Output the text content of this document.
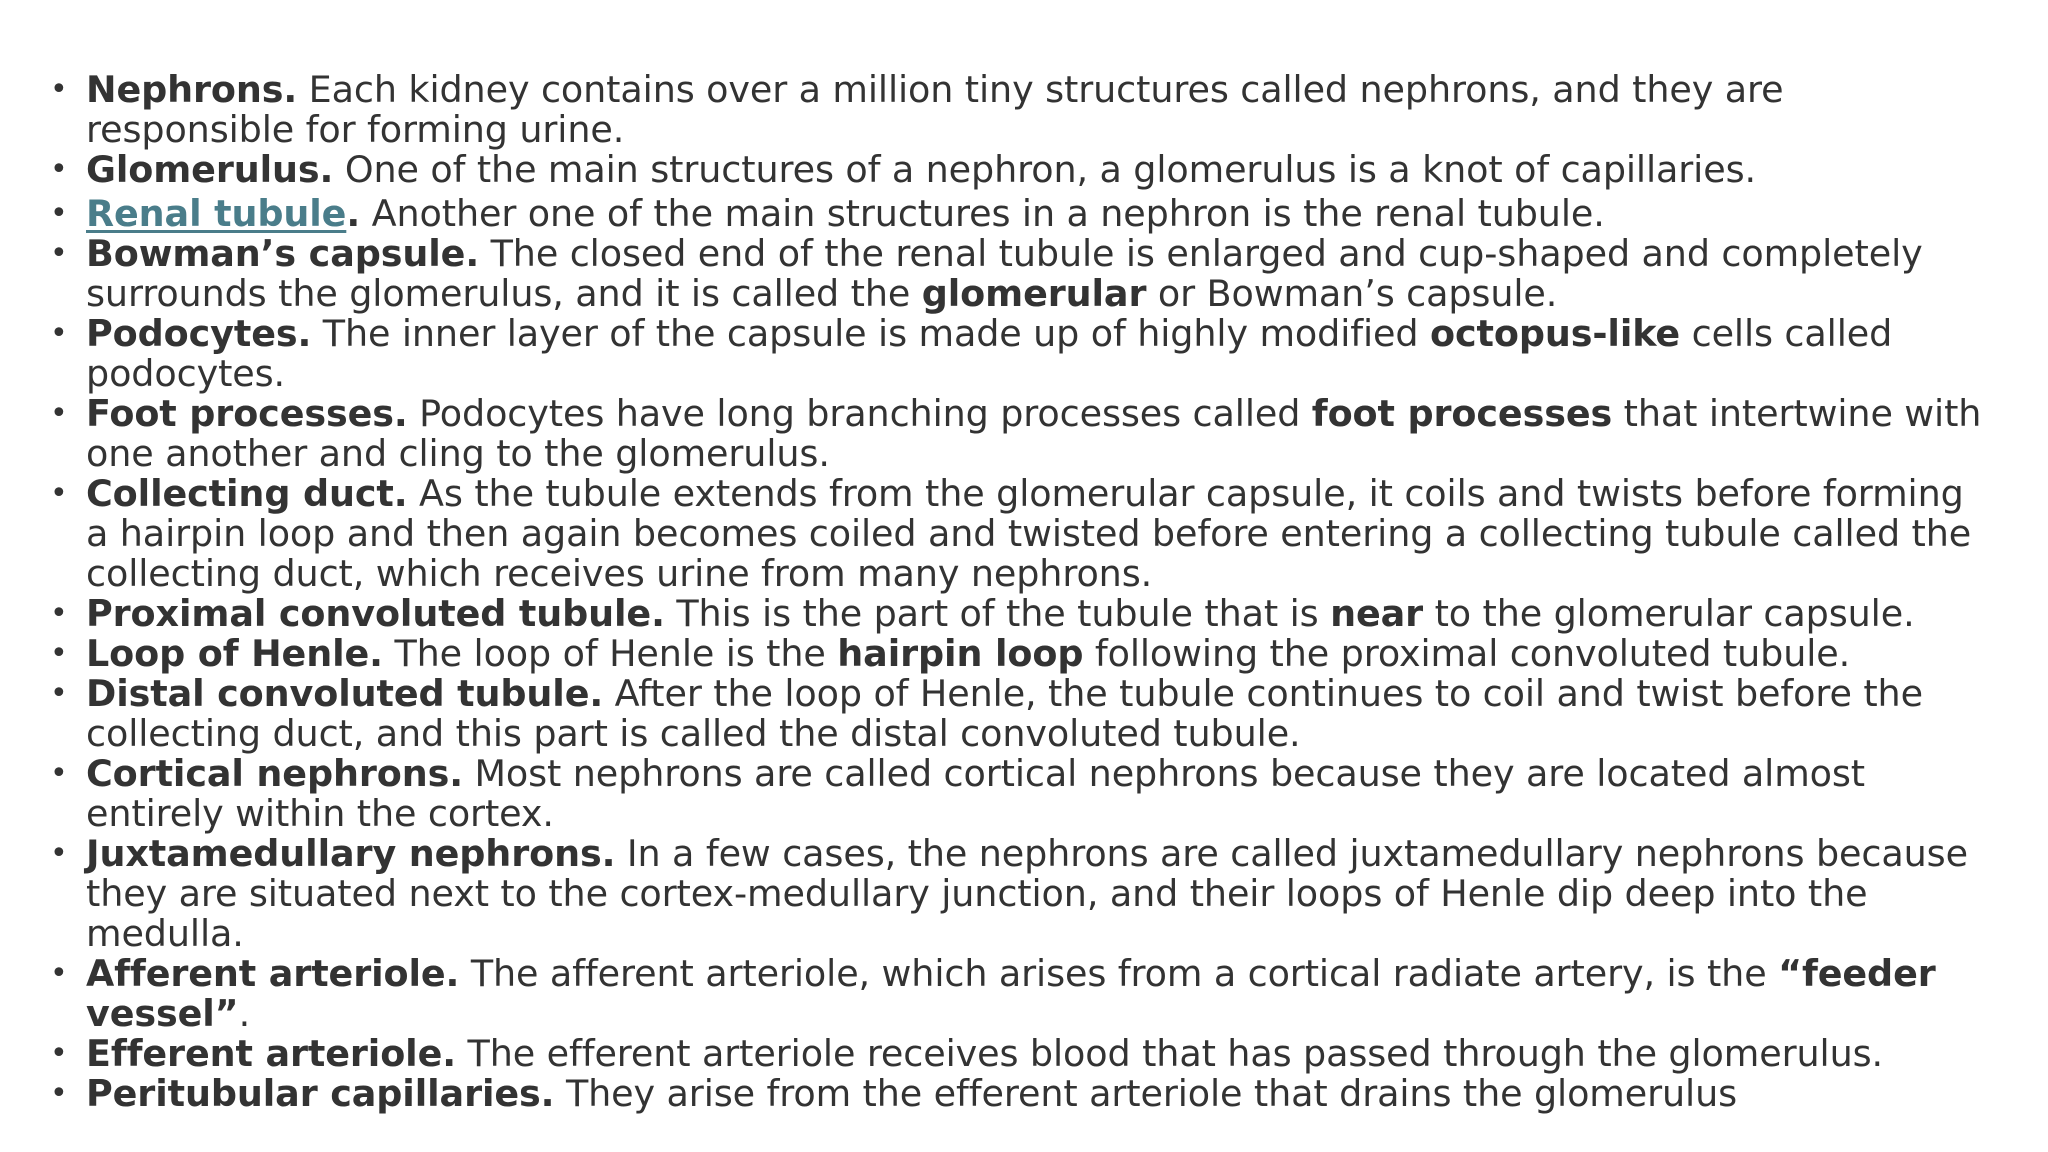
• Nephrons. Each kidney contains over a million tiny structures called nephrons, and they are responsible for forming urine.
• Glomerulus. One of the main structures of a nephron, a glomerulus is a knot of capillaries.
• Renal tubule. Another one of the main structures in a nephron is the renal tubule.
• Bowman’s capsule. The closed end of the renal tubule is enlarged and cup-shaped and completely surrounds the glomerulus, and it is called the glomerular or Bowman’s capsule.
• Podocytes. The inner layer of the capsule is made up of highly modified octopus-like cells called podocytes.
• Foot processes. Podocytes have long branching processes called foot processes that intertwine with one another and cling to the glomerulus.
• Collecting duct. As the tubule extends from the glomerular capsule, it coils and twists before forming a hairpin loop and then again becomes coiled and twisted before entering a collecting tubule called the collecting duct, which receives urine from many nephrons.
• Proximal convoluted tubule. This is the part of the tubule that is near to the glomerular capsule.
• Loop of Henle. The loop of Henle is the hairpin loop following the proximal convoluted tubule.
• Distal convoluted tubule. After the loop of Henle, the tubule continues to coil and twist before the collecting duct, and this part is called the distal convoluted tubule.
• Cortical nephrons. Most nephrons are called cortical nephrons because they are located almost entirely within the cortex.
• Juxtamedullary nephrons. In a few cases, the nephrons are called juxtamedullary nephrons because they are situated next to the cortex-medullary junction, and their loops of Henle dip deep into the medulla.
• Afferent arteriole. The afferent arteriole, which arises from a cortical radiate artery, is the “feeder vessel”.
• Efferent arteriole. The efferent arteriole receives blood that has passed through the glomerulus.
• Peritubular capillaries. They arise from the efferent arteriole that drains the glomerulus
